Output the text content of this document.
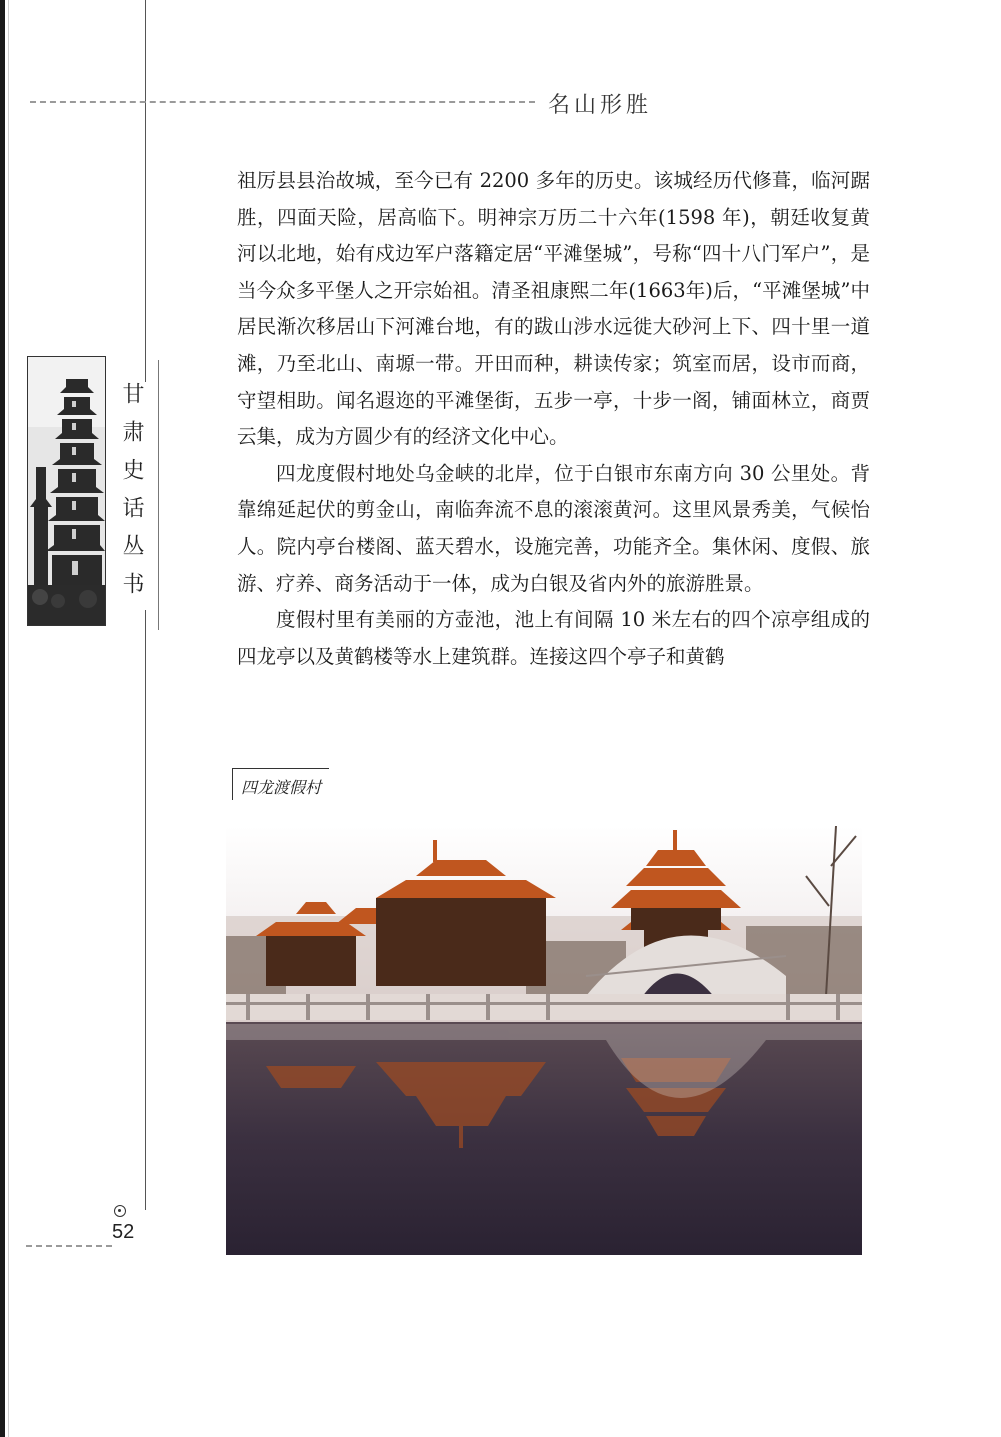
名山形胜
甘肃史话丛书

祖厉县县治故城，至今已有 2200 多年的历史。该城经历代修葺，临河踞胜，四面天险，居高临下。明神宗万历二十六年(1598 年)，朝廷收复黄河以北地，始有戍边军户落籍定居“平滩堡城”，号称“四十八门军户”，是当今众多平堡人之开宗始祖。清圣祖康熙二年(1663年)后，“平滩堡城”中居民渐次移居山下河滩台地，有的跋山涉水远徙大砂河上下、四十里一道滩，乃至北山、南塬一带。开田而种，耕读传家；筑室而居，设市而商，守望相助。闻名遐迩的平滩堡街，五步一亭，十步一阁，铺面林立，商贾云集，成为方圆少有的经济文化中心。

四龙度假村地处乌金峡的北岸，位于白银市东南方向 30 公里处。背靠绵延起伏的剪金山，南临奔流不息的滚滚黄河。这里风景秀美，气候怡人。院内亭台楼阁、蓝天碧水，设施完善，功能齐全。集休闲、度假、旅游、疗养、商务活动于一体，成为白银及省内外的旅游胜景。

度假村里有美丽的方壶池，池上有间隔 10 米左右的四个凉亭组成的四龙亭以及黄鹤楼等水上建筑群。连接这四个亭子和黄鹤

四龙渡假村
52
